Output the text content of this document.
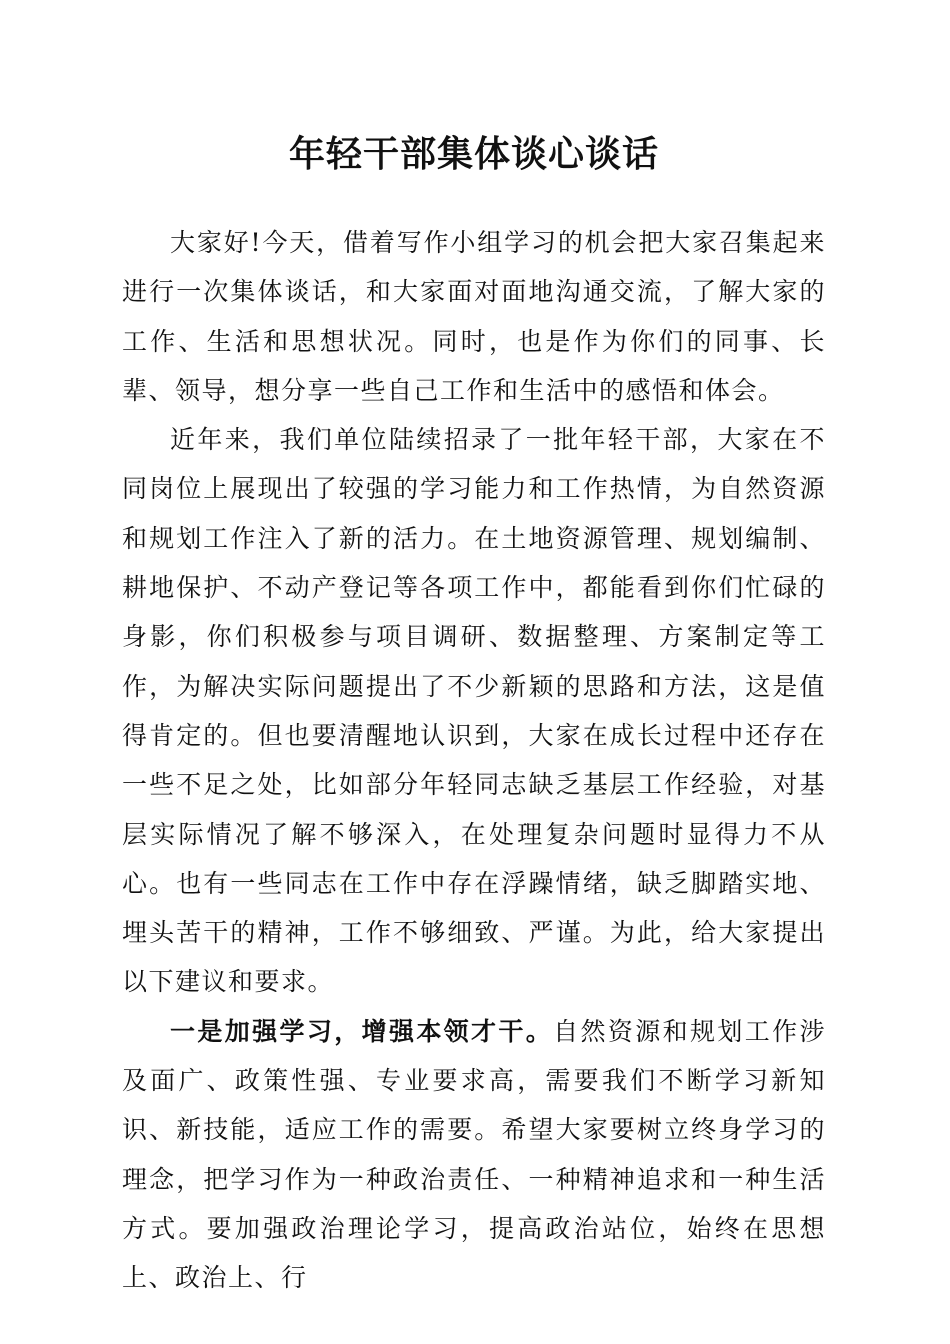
年轻干部集体谈心谈话

大家好!今天，借着写作小组学习的机会把大家召集起来进行一次集体谈话，和大家面对面地沟通交流，了解大家的工作、生活和思想状况。同时，也是作为你们的同事、长辈、领导，想分享一些自己工作和生活中的感悟和体会。

近年来，我们单位陆续招录了一批年轻干部，大家在不同岗位上展现出了较强的学习能力和工作热情，为自然资源和规划工作注入了新的活力。在土地资源管理、规划编制、耕地保护、不动产登记等各项工作中，都能看到你们忙碌的身影，你们积极参与项目调研、数据整理、方案制定等工作，为解决实际问题提出了不少新颖的思路和方法，这是值得肯定的。但也要清醒地认识到，大家在成长过程中还存在一些不足之处，比如部分年轻同志缺乏基层工作经验，对基层实际情况了解不够深入，在处理复杂问题时显得力不从心。也有一些同志在工作中存在浮躁情绪，缺乏脚踏实地、埋头苦干的精神，工作不够细致、严谨。为此，给大家提出以下建议和要求。

一是加强学习，增强本领才干。自然资源和规划工作涉及面广、政策性强、专业要求高，需要我们不断学习新知识、新技能，适应工作的需要。希望大家要树立终身学习的理念，把学习作为一种政治责任、一种精神追求和一种生活方式。要加强政治理论学习，提高政治站位，始终在思想上、政治上、行
